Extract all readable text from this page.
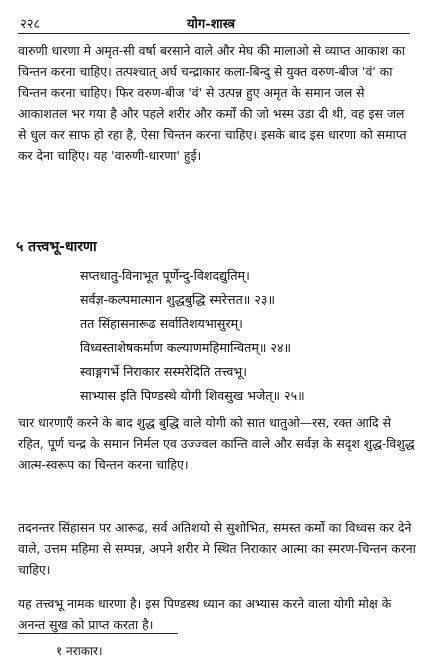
२२८	योग-शास्त्र

वारुणी धारणा मे अमृत-सी वर्षा बरसाने वाले और मेघ की मालाओ से व्याप्त आकाश का चिन्तन करना चाहिए। तत्पश्चात् अर्घ चन्द्राकार कला-बिन्दु से युक्त वरुण-बीज 'वं' का चिन्तन करना चाहिए। फिर वरुण-बीज 'वं' से उत्पन्न हुए अमृत के समान जल से आकाशतल भर गया है और पहले शरीर और कर्मों की जो भस्म उडा दी थी, वह इस जल से धुल कर साफ हो रहा है, ऐसा चिन्तन करना चाहिए। इसके बाद इस धारणा को समाप्त कर देना चाहिए। यह 'वारुणी-धारणा' हुई।

५ तत्त्वभू-धारणा
सप्तधातु-विनाभूत पूर्णेन्दु-विशदद्युतिम्।
सर्वज्ञ-कल्पमात्मान शुद्धबुद्धि स्मरेत्तत॥ २३॥
तत सिंहासनारूढ सर्वातिशयभासुरम्।
विध्वस्ताशेषकर्माण कल्याणमहिमान्वितम्॥ २४॥
स्वाङ्गगर्भे निराकार सस्मरेदिति तत्त्वभू।
साभ्यास इति पिण्डस्थे योगी शिवसुख भजेत्॥ २५॥

चार धारणाएँ करने के बाद शुद्ध बुद्धि वाले योगी को सात धातुओ—रस, रक्त आदि से रहित, पूर्ण चन्द्र के समान निर्मल एव उज्ज्वल कान्ति वाले और सर्वज्ञ के सदृश शुद्ध-विशुद्ध आत्म-स्वरूप का चिन्तन करना चाहिए।

तदनन्तर सिंहासन पर आरूढ, सर्व अतिशयो से सुशोभित, समस्त कर्मो का विध्वस कर देने वाले, उत्तम महिमा से सम्पन्न, अपने शरीर मे स्थित निराकार आत्मा का स्मरण-चिन्तन करना चाहिए।

यह तत्त्वभू नामक धारणा है। इस पिण्डस्थ ध्यान का अभ्यास करने वाला योगी मोक्ष के अनन्त सुख को प्राप्त करता है।

१ नराकार।
